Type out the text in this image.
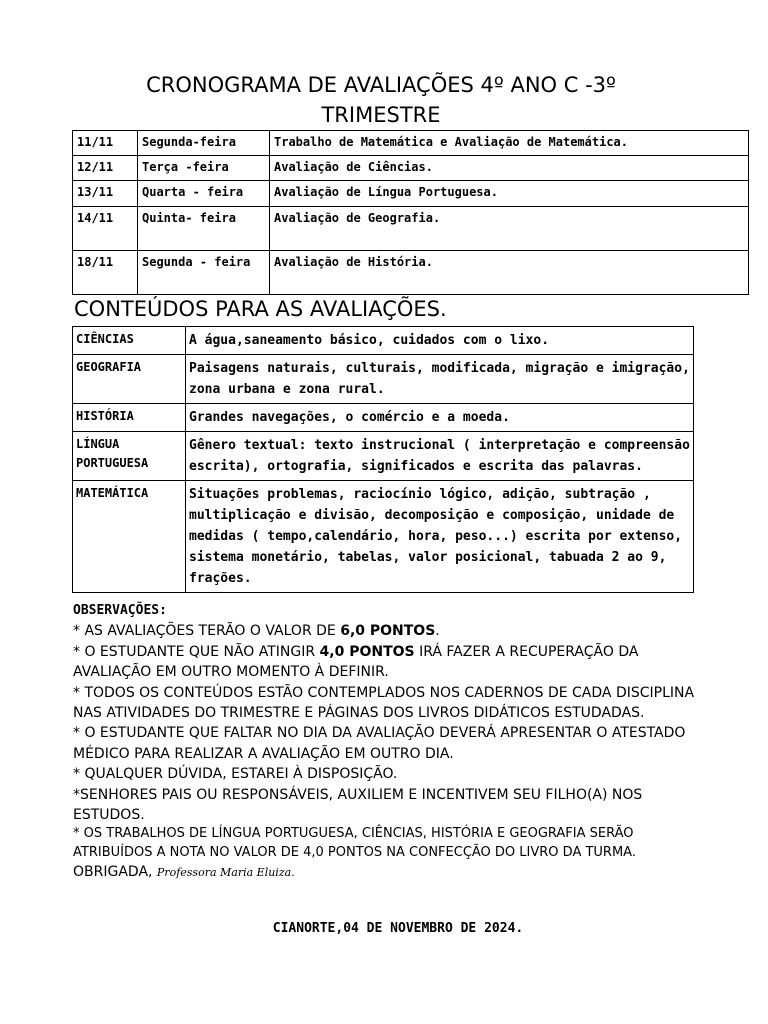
CRONOGRAMA DE AVALIAÇÕES 4º ANO C -3º
TRIMESTRE
11/11	Segunda-feira	Trabalho de Matemática e Avaliação de Matemática.
12/11	Terça -feira	Avaliação de Ciências.
13/11	Quarta - feira	Avaliação de Língua Portuguesa.
14/11	Quinta- feira	Avaliação de Geografia.
18/11	Segunda - feira	Avaliação de História.
CONTEÚDOS PARA AS AVALIAÇÕES.
CIÊNCIAS	A água,saneamento básico, cuidados com o lixo.
GEOGRAFIA	Paisagens naturais, culturais, modificada, migração e imigração, zona urbana e zona rural.
HISTÓRIA	Grandes navegações, o comércio e a moeda.
LÍNGUA PORTUGUESA	Gênero textual: texto instrucional ( interpretação e compreensão escrita), ortografia, significados e escrita das palavras.
MATEMÁTICA	Situações problemas, raciocínio lógico, adição, subtração , multiplicação e divisão, decomposição e composição, unidade de medidas ( tempo,calendário, hora, peso...) escrita por extenso, sistema monetário, tabelas, valor posicional, tabuada 2 ao 9, frações.
OBSERVAÇÕES:
* AS AVALIAÇÕES TERÃO O VALOR DE 6,0 PONTOS.
* O ESTUDANTE QUE NÃO ATINGIR 4,0 PONTOS IRÁ FAZER A RECUPERAÇÃO DA AVALIAÇÃO EM OUTRO MOMENTO À DEFINIR.
* TODOS OS CONTEÚDOS ESTÃO CONTEMPLADOS NOS CADERNOS DE CADA DISCIPLINA NAS ATIVIDADES DO TRIMESTRE E PÁGINAS DOS LIVROS DIDÁTICOS ESTUDADAS.
* O ESTUDANTE QUE FALTAR NO DIA DA AVALIAÇÃO DEVERÁ APRESENTAR O ATESTADO MÉDICO PARA REALIZAR A AVALIAÇÃO EM OUTRO DIA.
* QUALQUER DÚVIDA, ESTAREI À DISPOSIÇÃO.
*SENHORES PAIS OU RESPONSÁVEIS, AUXILIEM E INCENTIVEM SEU FILHO(A) NOS ESTUDOS.
* OS TRABALHOS DE LÍNGUA PORTUGUESA, CIÊNCIAS, HISTÓRIA E GEOGRAFIA SERÃO ATRIBUÍDOS A NOTA NO VALOR DE 4,0 PONTOS NA CONFECÇÃO DO LIVRO DA TURMA.
OBRIGADA, Professora Maria Eluiza.
CIANORTE,04 DE NOVEMBRO DE 2024.
